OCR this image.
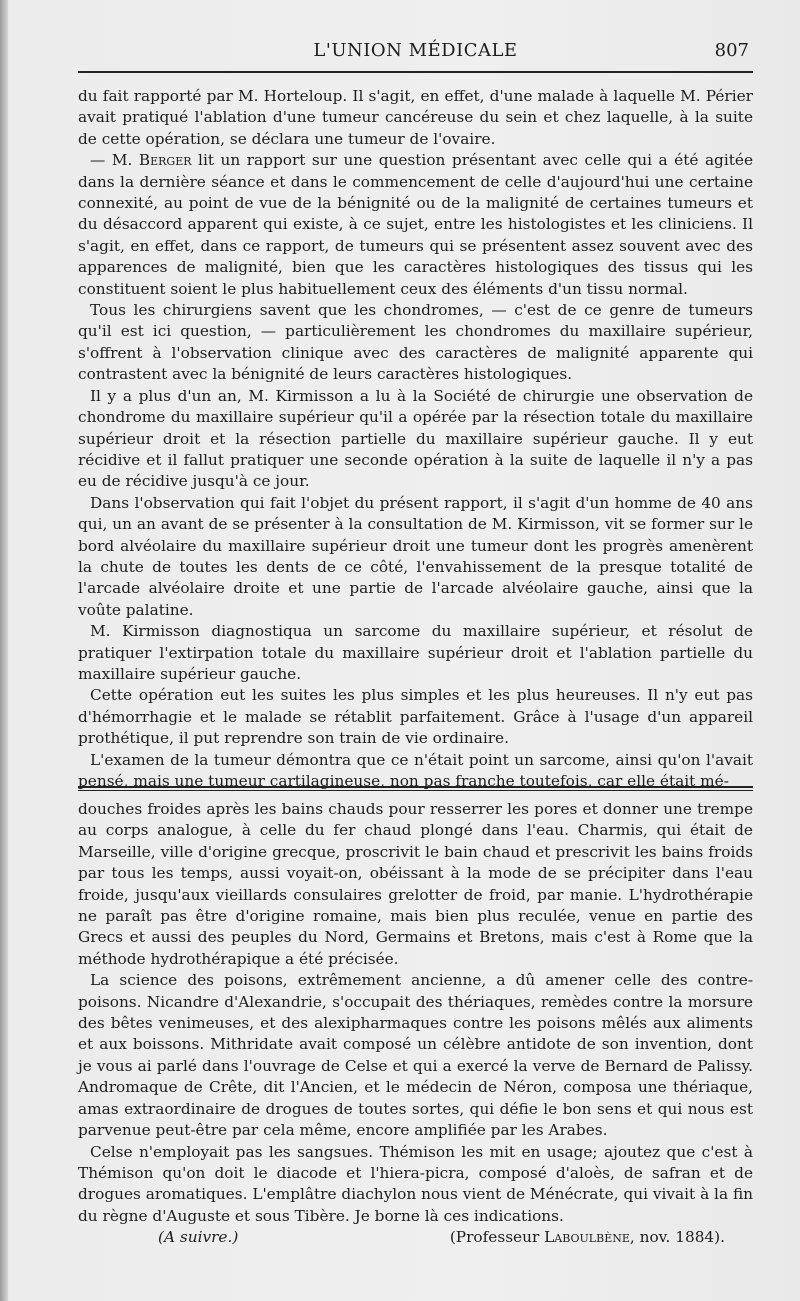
L'UNION MÉDICALE	807

du fait rapporté par M. Horteloup. Il s'agit, en effet, d'une malade à laquelle M. Périer avait pratiqué l'ablation d'une tumeur cancéreuse du sein et chez laquelle, à la suite de cette opération, se déclara une tumeur de l'ovaire.

— M. Berger lit un rapport sur une question présentant avec celle qui a été agitée dans la dernière séance et dans le commencement de celle d'aujourd'hui une certaine connexité, au point de vue de la bénignité ou de la malignité de certaines tumeurs et du désaccord apparent qui existe, à ce sujet, entre les histologistes et les cliniciens. Il s'agit, en effet, dans ce rapport, de tumeurs qui se présentent assez souvent avec des apparences de malignité, bien que les caractères histologiques des tissus qui les constituent soient le plus habituellement ceux des éléments d'un tissu normal.

Tous les chirurgiens savent que les chondromes, — c'est de ce genre de tumeurs qu'il est ici question, — particulièrement les chondromes du maxillaire supérieur, s'offrent à l'observation clinique avec des caractères de malignité apparente qui contrastent avec la bénignité de leurs caractères histologiques.

Il y a plus d'un an, M. Kirmisson a lu à la Société de chirurgie une observation de chondrome du maxillaire supérieur qu'il a opérée par la résection totale du maxillaire supérieur droit et la résection partielle du maxillaire supérieur gauche. Il y eut récidive et il fallut pratiquer une seconde opération à la suite de laquelle il n'y a pas eu de récidive jusqu'à ce jour.

Dans l'observation qui fait l'objet du présent rapport, il s'agit d'un homme de 40 ans qui, un an avant de se présenter à la consultation de M. Kirmisson, vit se former sur le bord alvéolaire du maxillaire supérieur droit une tumeur dont les progrès amenèrent la chute de toutes les dents de ce côté, l'envahissement de la presque totalité de l'arcade alvéolaire droite et une partie de l'arcade alvéolaire gauche, ainsi que la voûte palatine.

M. Kirmisson diagnostiqua un sarcome du maxillaire supérieur, et résolut de pratiquer l'extirpation totale du maxillaire supérieur droit et l'ablation partielle du maxillaire supérieur gauche.

Cette opération eut les suites les plus simples et les plus heureuses. Il n'y eut pas d'hémorrhagie et le malade se rétablit parfaitement. Grâce à l'usage d'un appareil prothétique, il put reprendre son train de vie ordinaire.

L'examen de la tumeur démontra que ce n'était point un sarcome, ainsi qu'on l'avait pensé, mais une tumeur cartilagineuse, non pas franche toutefois, car elle était mé-

douches froides après les bains chauds pour resserrer les pores et donner une trempe au corps analogue, à celle du fer chaud plongé dans l'eau. Charmis, qui était de Marseille, ville d'origine grecque, proscrivit le bain chaud et prescrivit les bains froids par tous les temps, aussi voyait-on, obéissant à la mode de se précipiter dans l'eau froide, jusqu'aux vieillards consulaires grelotter de froid, par manie. L'hydrothérapie ne paraît pas être d'origine romaine, mais bien plus reculée, venue en partie des Grecs et aussi des peuples du Nord, Germains et Bretons, mais c'est à Rome que la méthode hydrothérapique a été précisée.

La science des poisons, extrêmement ancienne, a dû amener celle des contre-poisons. Nicandre d'Alexandrie, s'occupait des thériaques, remèdes contre la morsure des bêtes venimeuses, et des alexipharmaques contre les poisons mêlés aux aliments et aux boissons. Mithridate avait composé un célèbre antidote de son invention, dont je vous ai parlé dans l'ouvrage de Celse et qui a exercé la verve de Bernard de Palissy. Andromaque de Crête, dit l'Ancien, et le médecin de Néron, composa une thériaque, amas extraordinaire de drogues de toutes sortes, qui défie le bon sens et qui nous est parvenue peut-être par cela même, encore amplifiée par les Arabes.

Celse n'employait pas les sangsues. Thémison les mit en usage; ajoutez que c'est à Thémison qu'on doit le diacode et l'hiera-picra, composé d'aloès, de safran et de drogues aromatiques. L'emplâtre diachylon nous vient de Ménécrate, qui vivait à la fin du règne d'Auguste et sous Tibère. Je borne là ces indications.

(A suivre.)	(Professeur Laboulbène, nov. 1884).
